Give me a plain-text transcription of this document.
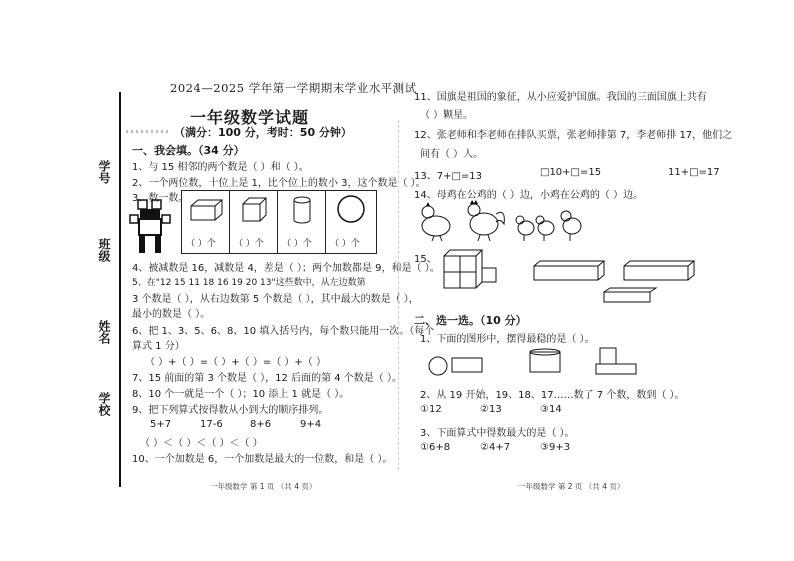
2024—2025 学年第一学期期末学业水平测试
一年级数学试题
（满分：100 分，考时：50 分钟）
学号
班级
姓名
学校
一、我会填。（34 分）
1、与 15 相邻的两个数是（ ）和（ ）。
2、一个两位数，十位上是 1，比个位上的数小 3，这个数是（ ）。
3、数一数。
（ ）个 （ ）个 （ ）个 （ ）个
4、被减数是 16，减数是 4，差是（ ）；两个加数都是 9，和是（ ）。
5、在"12 15 11 18 16 19 20 13"这些数中，从左边数第
3 个数是（ ），从右边数第 5 个数是（ ），其中最大的数是（ ），
最小的数是（ ）。
6、把 1、3、5、6、8、10 填入括号内，每个数只能用一次。（每个
算式 1 分）
（ ）+（ ）=（ ）+（ ）=（ ）+（ ）
7、15 前面的第 3 个数是（ ），12 后面的第 4 个数是（ ）。
8、10 个一就是一个（ ）；10 添上 1 就是（ ）。
9、把下列算式按得数从小到大的顺序排列。
5+7	17-6	8+6	9+4
（ ）＜（ ）＜（ ）＜（ ）
10、一个加数是 6，一个加数是最大的一位数，和是（ ）。
一年级数学 第 1 页 （共 4 页）
11、国旗是祖国的象征，从小应爱护国旗。我国的三面国旗上共有
（ ）颗星。
12、张老师和李老师在排队买票，张老师排第 7，李老师排 17，他们之
间有（ ）人。
13、7+□=13	□10+□=15	11+□=17
14、母鸡在公鸡的（ ）边，小鸡在公鸡的（ ）边。
15、
二、选一选。（10 分）
1、下面的图形中，摆得最稳的是（ ）。
2、从 19 开始，19、18、17……数了 7 个数，数到（ ）。
①12	②13	③14
3、下面算式中得数最大的是（ ）。
①6+8	②4+7	③9+3
一年级数学 第 2 页 （共 4 页）
